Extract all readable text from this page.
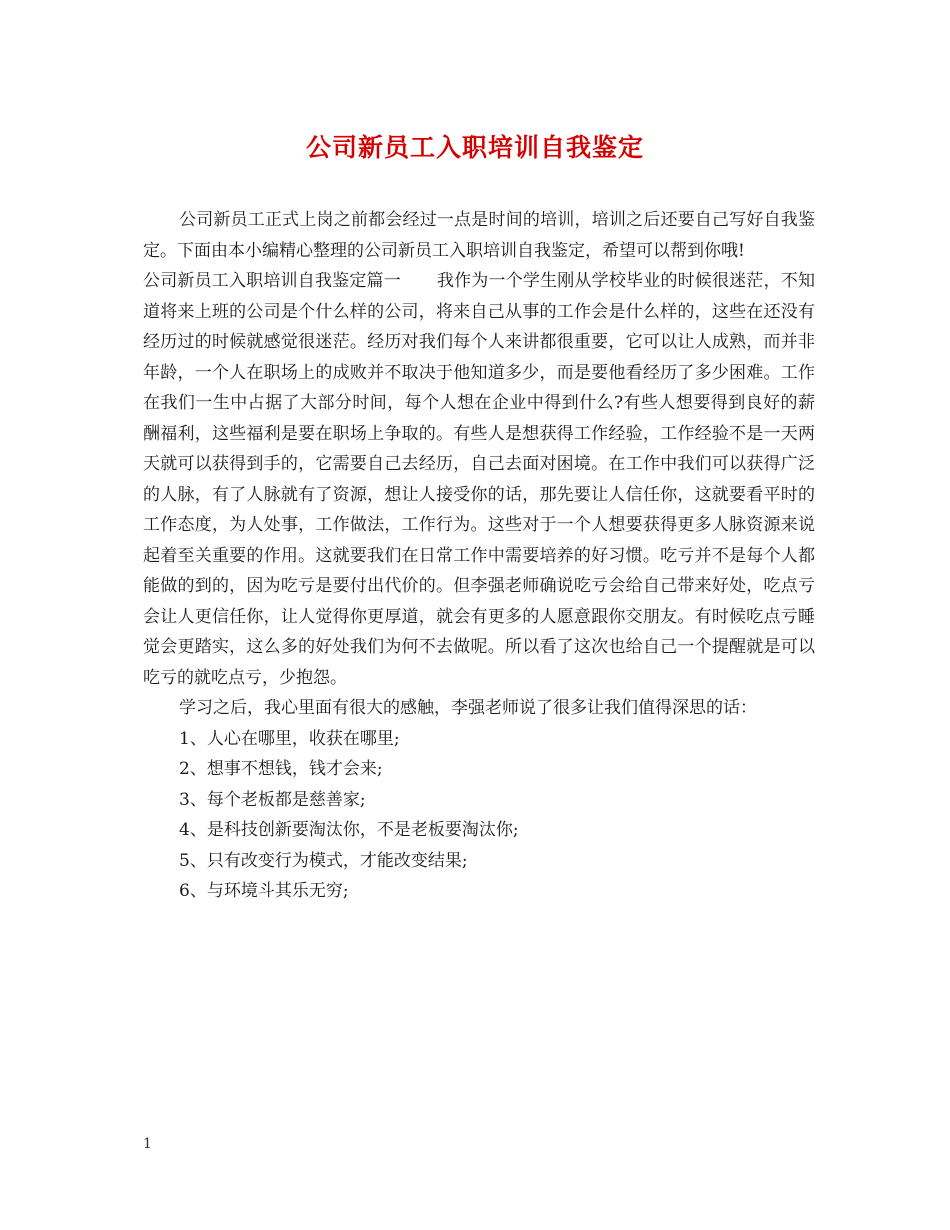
公司新员工入职培训自我鉴定

公司新员工正式上岗之前都会经过一点是时间的培训，培训之后还要自己写好自我鉴定。下面由本小编精心整理的公司新员工入职培训自我鉴定，希望可以帮到你哦!

公司新员工入职培训自我鉴定篇一 我作为一个学生刚从学校毕业的时候很迷茫，不知道将来上班的公司是个什么样的公司，将来自己从事的工作会是什么样的，这些在还没有经历过的时候就感觉很迷茫。经历对我们每个人来讲都很重要，它可以让人成熟，而并非年龄，一个人在职场上的成败并不取决于他知道多少，而是要他看经历了多少困难。工作在我们一生中占据了大部分时间，每个人想在企业中得到什么?有些人想要得到良好的薪酬福利，这些福利是要在职场上争取的。有些人是想获得工作经验，工作经验不是一天两天就可以获得到手的，它需要自己去经历，自己去面对困境。在工作中我们可以获得广泛的人脉，有了人脉就有了资源，想让人接受你的话，那先要让人信任你，这就要看平时的工作态度，为人处事，工作做法，工作行为。这些对于一个人想要获得更多人脉资源来说起着至关重要的作用。这就要我们在日常工作中需要培养的好习惯。吃亏并不是每个人都能做的到的，因为吃亏是要付出代价的。但李强老师确说吃亏会给自己带来好处，吃点亏会让人更信任你，让人觉得你更厚道，就会有更多的人愿意跟你交朋友。有时候吃点亏睡觉会更踏实，这么多的好处我们为何不去做呢。所以看了这次也给自己一个提醒就是可以吃亏的就吃点亏，少抱怨。

学习之后，我心里面有很大的感触，李强老师说了很多让我们值得深思的话：

1、人心在哪里，收获在哪里;
2、想事不想钱，钱才会来;
3、每个老板都是慈善家;
4、是科技创新要淘汰你，不是老板要淘汰你;
5、只有改变行为模式，才能改变结果;
6、与环境斗其乐无穷;
1
